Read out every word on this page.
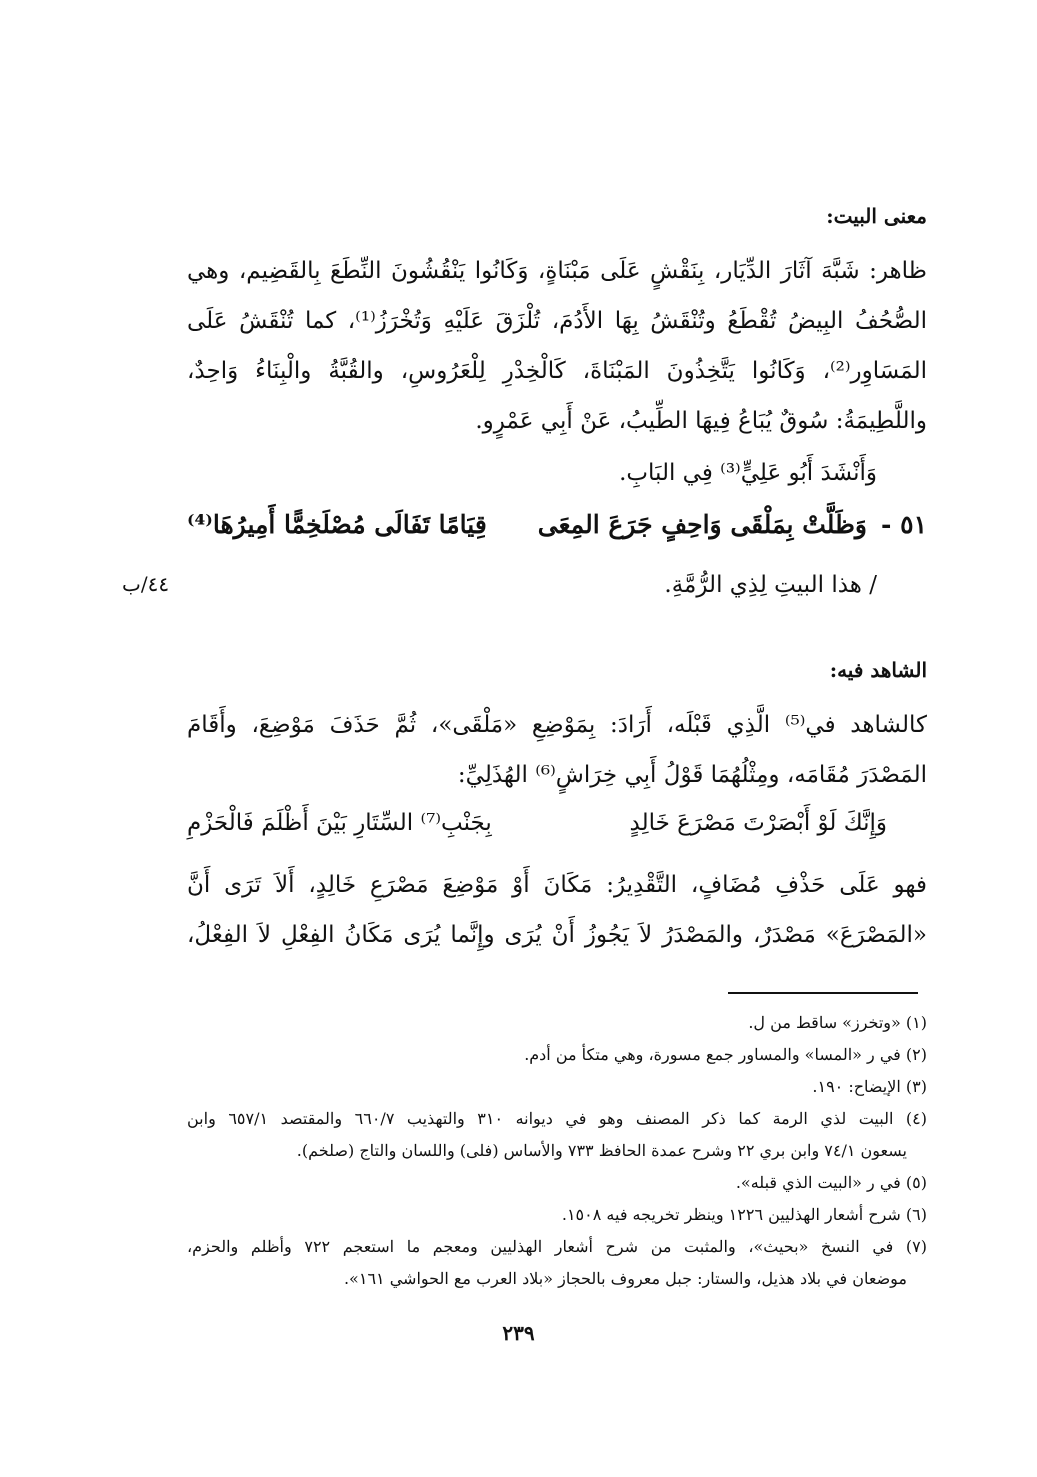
معنى البيت:
ظاهر: شَبَّهَ آثَارَ الدِّيَار، بِنَقْشٍ عَلَى مَبْنَاةٍ، وَكَانُوا يَنْقُشُونَ النِّطَعَ بِالقَضِيم، وهي
الصُّحُفُ البِيضُ تُقْطَعُ وتُنْقَشُ بِهَا الأَدُمَ، تُلْزَقَ عَلَيْهِ وَتُخْرَزُ⁽¹⁾، كما تُنْقَشُ عَلَى
المَسَاوِر⁽²⁾، وَكَانُوا يَتَّخِذُونَ المَبْنَاةَ، كَالْخِدْرِ لِلْعَرُوسِ، والقُبَّةُ والْبِنَاءُ وَاحِدٌ،
واللَّطِيمَةُ: سُوقٌ يُبَاعُ فِيهَا الطِّيبُ، عَنْ أَبِي عَمْرٍو.
وَأَنْشَدَ أَبُو عَلِيٍّ⁽³⁾ فِي البَابِ.
٥١ -
وَظَلَّتْ بِمَلْقَى وَاحِفٍ جَرَعَ المِعَى
قِيَامًا تَفَالَى مُصْلَخِمًّا أَمِيرُهَا⁽⁴⁾
/ هذا البيتِ لِذِي الرُّمَّةِ.
٤٤/ب
الشاهد فيه:
كالشاهد في⁽⁵⁾ الَّذِي قَبْلَه، أَرَادَ: بِمَوْضِعِ «مَلْقَى»، ثُمَّ حَذَفَ مَوْضِعَ، وأَقَامَ
المَصْدَرَ مُقَامَه، ومِثْلُهُمَا قَوْلُ أَبِي خِرَاشٍ⁽⁶⁾ الهُذَلِيِّ:
وَإِنَّكَ لَوْ أَبْصَرْتَ مَصْرَعَ خَالِدٍ
بِجَنْبِ⁽⁷⁾ السِّتَارِ بَيْنَ أَظْلَمَ فَالْحَزْمِ
فهو عَلَى حَذْفِ مُضَافٍ، التَّقْدِيرُ: مَكَانَ أَوْ مَوْضِعَ مَصْرَعِ خَالِدٍ، أَلاَ تَرَى أَنَّ
«المَصْرَعَ» مَصْدَرٌ، والمَصْدَرُ لاَ يَجُوزُ أَنْ يُرَى وإِنَّما يُرَى مَكَانُ الفِعْلِ لاَ الفِعْلُ،
(١) «وتخرز» ساقط من ل.
(٢) في ر «المسا» والمساور جمع مسورة، وهي متكأ من أدم.
(٣) الإيضاح: ١٩٠.
(٤) البيت لذي الرمة كما ذكر المصنف وهو في ديوانه ٣١٠ والتهذيب ٦٦٠/٧ والمقتصد ٦٥٧/١ وابن
يسعون ٧٤/١ وابن بري ٢٢ وشرح عمدة الحافظ ٧٣٣ والأساس (فلى) واللسان والتاج (صلخم).
(٥) في ر «البيت الذي قبله».
(٦) شرح أشعار الهذليين ١٢٢٦ وينظر تخريجه فيه ١٥٠٨.
(٧) في النسخ «بحيث»، والمثبت من شرح أشعار الهذليين ومعجم ما استعجم ٧٢٢ وأظلم والحزم،
موضعان في بلاد هذيل، والستار: جبل معروف بالحجاز «بلاد العرب مع الحواشي ١٦١».
٢٣٩
